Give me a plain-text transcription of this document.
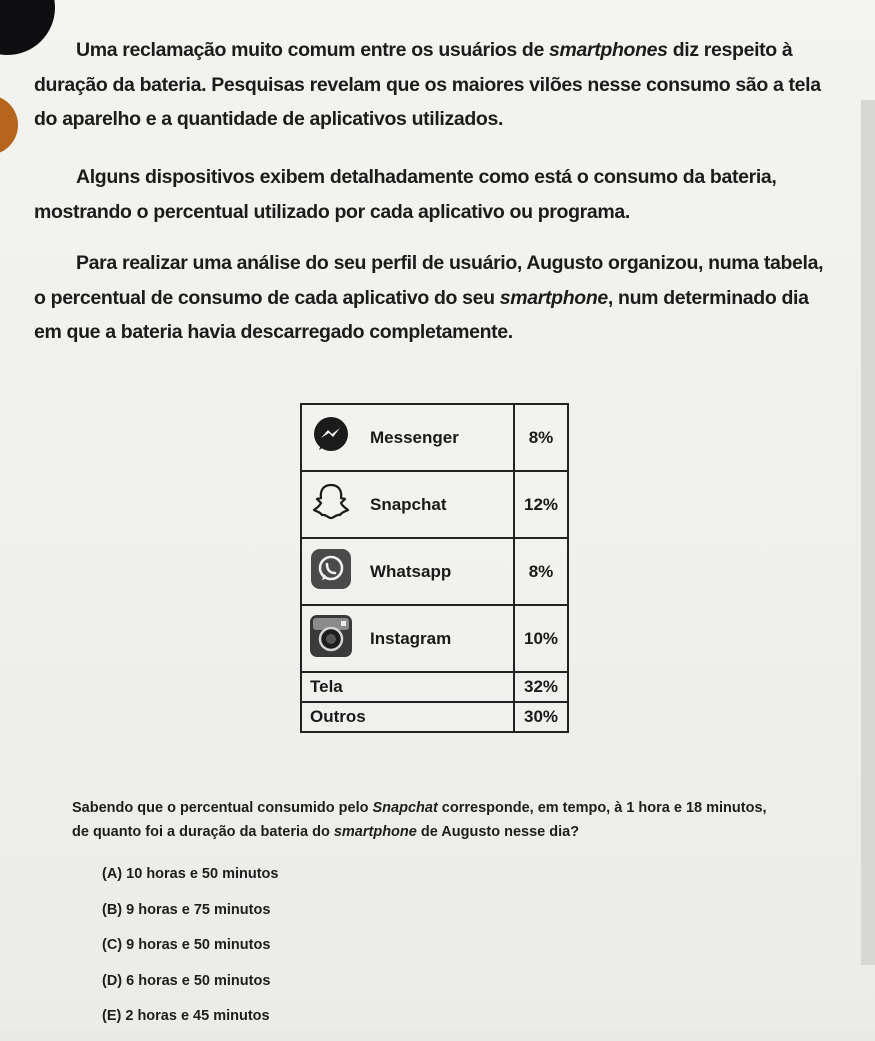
Uma reclamação muito comum entre os usuários de smartphones diz respeito à duração da bateria. Pesquisas revelam que os maiores vilões nesse consumo são a tela do aparelho e a quantidade de aplicativos utilizados.

Alguns dispositivos exibem detalhadamente como está o consumo da bateria, mostrando o percentual utilizado por cada aplicativo ou programa.

Para realizar uma análise do seu perfil de usuário, Augusto organizou, numa tabela, o percentual de consumo de cada aplicativo do seu smartphone, num determinado dia em que a bateria havia descarregado completamente.

	Messenger	8%
	Snapchat	12%
	Whatsapp	8%
	Instagram	10%
Tela		32%
Outros		30%

Sabendo que o percentual consumido pelo Snapchat corresponde, em tempo, à 1 hora e 18 minutos, de quanto foi a duração da bateria do smartphone de Augusto nesse dia?

(A) 10 horas e 50 minutos
(B) 9 horas e 75 minutos
(C) 9 horas e 50 minutos
(D) 6 horas e 50 minutos
(E) 2 horas e 45 minutos
